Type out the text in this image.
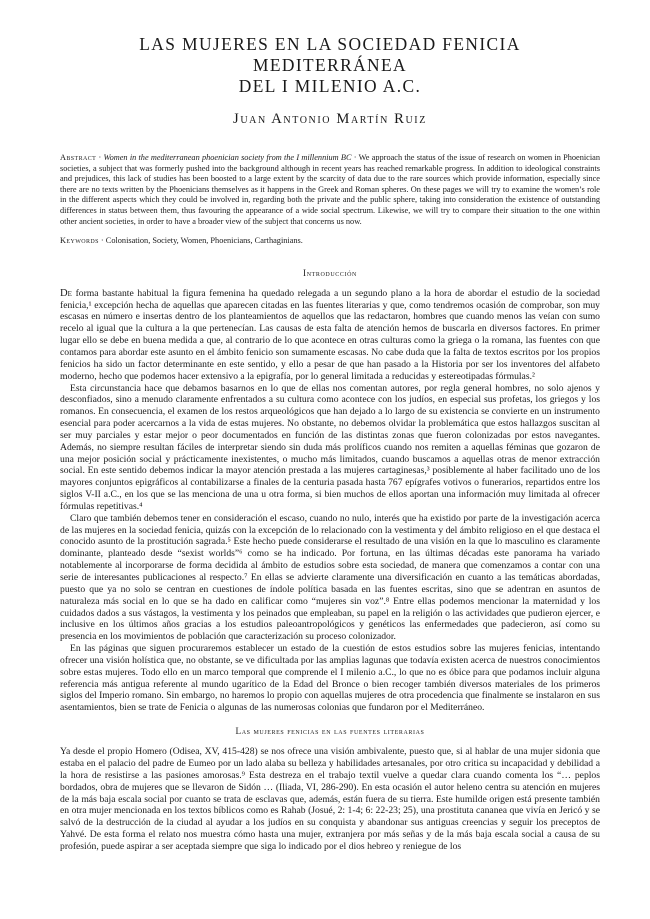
LAS MUJERES EN LA SOCIEDAD FENICIA MEDITERRÁNEA
DEL I MILENIO A.C.
Juan Antonio Martín Ruiz

Abstract · Women in the mediterranean phoenician society from the I millennium BC · We approach the status of the issue of research on women in Phoenician societies, a subject that was formerly pushed into the background although in recent years has reached remarkable progress. In addition to ideological constraints and prejudices, this lack of studies has been boosted to a large extent by the scarcity of data due to the rare sources which provide information, especially since there are no texts written by the Phoenicians themselves as it happens in the Greek and Roman spheres. On these pages we will try to examine the women’s role in the different aspects which they could be involved in, regarding both the private and the public sphere, taking into consideration the existence of outstanding differences in status between them, thus favouring the appearance of a wide social spectrum. Likewise, we will try to compare their situation to the one within other ancient societies, in order to have a broader view of the subject that concerns us now.

Keywords · Colonisation, Society, Women, Phoenicians, Carthaginians.

Introducción

De forma bastante habitual la figura femenina ha quedado relegada a un segundo plano a la hora de abordar el estudio de la sociedad fenicia,¹ excepción hecha de aquellas que aparecen citadas en las fuentes literarias y que, como tendremos ocasión de comprobar, son muy escasas en número e insertas dentro de los planteamientos de aquellos que las redactaron, hombres que cuando menos las veían con sumo recelo al igual que la cultura a la que pertenecían. Las causas de esta falta de atención hemos de buscarla en diversos factores. En primer lugar ello se debe en buena medida a que, al contrario de lo que acontece en otras culturas como la griega o la romana, las fuentes con que contamos para abordar este asunto en el ámbito fenicio son sumamente escasas. No cabe duda que la falta de textos escritos por los propios fenicios ha sido un factor determinante en este sentido, y ello a pesar de que han pasado a la Historia por ser los inventores del alfabeto moderno, hecho que podemos hacer extensivo a la epigrafía, por lo general limitada a reducidas y estereotipadas fórmulas.²

Esta circunstancia hace que debamos basarnos en lo que de ellas nos comentan autores, por regla general hombres, no solo ajenos y desconfiados, sino a menudo claramente enfrentados a su cultura como acontece con los judíos, en especial sus profetas, los griegos y los romanos. En consecuencia, el examen de los restos arqueológicos que han dejado a lo largo de su existencia se convierte en un instrumento esencial para poder acercarnos a la vida de estas mujeres. No obstante, no debemos olvidar la problemática que estos hallazgos suscitan al ser muy parciales y estar mejor o peor documentados en función de las distintas zonas que fueron colonizadas por estos navegantes. Además, no siempre resultan fáciles de interpretar siendo sin duda más prolíficos cuando nos remiten a aquellas féminas que gozaron de una mejor posición social y prácticamente inexistentes, o mucho más limitados, cuando buscamos a aquellas otras de menor extracción social. En este sentido debemos indicar la mayor atención prestada a las mujeres cartaginesas,³ posiblemente al haber facilitado uno de los mayores conjuntos epigráficos al contabilizarse a finales de la centuria pasada hasta 767 epígrafes votivos o funerarios, repartidos entre los siglos V-II a.C., en los que se las menciona de una u otra forma, si bien muchos de ellos aportan una información muy limitada al ofrecer fórmulas repetitivas.⁴

Claro que también debemos tener en consideración el escaso, cuando no nulo, interés que ha existido por parte de la investigación acerca de las mujeres en la sociedad fenicia, quizás con la excepción de lo relacionado con la vestimenta y del ámbito religioso en el que destaca el conocido asunto de la prostitución sagrada.⁵ Este hecho puede considerarse el resultado de una visión en la que lo masculino es claramente dominante, planteado desde “sexist worlds”⁶ como se ha indicado. Por fortuna, en las últimas décadas este panorama ha variado notablemente al incorporarse de forma decidida al ámbito de estudios sobre esta sociedad, de manera que comenzamos a contar con una serie de interesantes publicaciones al respecto.⁷ En ellas se advierte claramente una diversificación en cuanto a las temáticas abordadas, puesto que ya no solo se centran en cuestiones de índole política basada en las fuentes escritas, sino que se adentran en asuntos de naturaleza más social en lo que se ha dado en calificar como “mujeres sin voz”.⁸ Entre ellas podemos mencionar la maternidad y los cuidados dados a sus vástagos, la vestimenta y los peinados que empleaban, su papel en la religión o las actividades que pudieron ejercer, e inclusive en los últimos años gracias a los estudios paleoantropológicos y genéticos las enfermedades que padecieron, así como su presencia en los movimientos de población que caracterización su proceso colonizador.

En las páginas que siguen procuraremos establecer un estado de la cuestión de estos estudios sobre las mujeres fenicias, intentando ofrecer una visión holística que, no obstante, se ve dificultada por las amplias lagunas que todavía existen acerca de nuestros conocimientos sobre estas mujeres. Todo ello en un marco temporal que comprende el I milenio a.C., lo que no es óbice para que podamos incluir alguna referencia más antigua referente al mundo ugarítico de la Edad del Bronce o bien recoger también diversos materiales de los primeros siglos del Imperio romano. Sin embargo, no haremos lo propio con aquellas mujeres de otra procedencia que finalmente se instalaron en sus asentamientos, bien se trate de Fenicia o algunas de las numerosas colonias que fundaron por el Mediterráneo.

Las mujeres fenicias en las fuentes literarias

Ya desde el propio Homero (Odisea, XV, 415-428) se nos ofrece una visión ambivalente, puesto que, si al hablar de una mujer sidonia que estaba en el palacio del padre de Eumeo por un lado alaba su belleza y habilidades artesanales, por otro critica su incapacidad y debilidad a la hora de resistirse a las pasiones amorosas.⁹ Esta destreza en el trabajo textil vuelve a quedar clara cuando comenta los “… peplos bordados, obra de mujeres que se llevaron de Sidón … (Iliada, VI, 286-290). En esta ocasión el autor heleno centra su atención en mujeres de la más baja escala social por cuanto se trata de esclavas que, además, están fuera de su tierra. Este humilde origen está presente también en otra mujer mencionada en los textos bíblicos como es Rahab (Josué, 2: 1-4; 6: 22-23; 25), una prostituta cananea que vivía en Jericó y se salvó de la destrucción de la ciudad al ayudar a los judíos en su conquista y abandonar sus antiguas creencias y seguir los preceptos de Yahvé. De esta forma el relato nos muestra cómo hasta una mujer, extranjera por más señas y de la más baja escala social a causa de su profesión, puede aspirar a ser aceptada siempre que siga lo indicado por el dios hebreo y reniegue de los
